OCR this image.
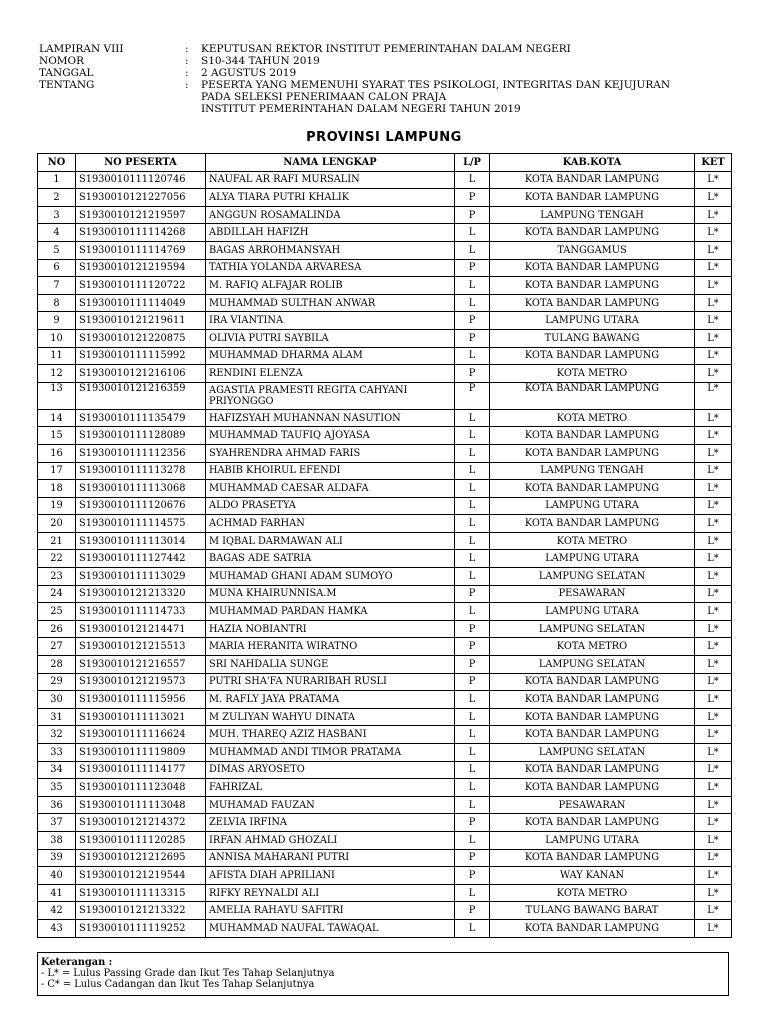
LAMPIRAN VIII	:	KEPUTUSAN REKTOR INSTITUT PEMERINTAHAN DALAM NEGERI
NOMOR	:	S10-344 TAHUN 2019
TANGGAL	:	2 AGUSTUS 2019
TENTANG	:	PESERTA YANG MEMENUHI SYARAT TES PSIKOLOGI, INTEGRITAS DAN KEJUJURAN
PADA SELEKSI PENERIMAAN CALON PRAJA
INSTITUT PEMERINTAHAN DALAM NEGERI TAHUN 2019
PROVINSI LAMPUNG
NO	NO PESERTA	NAMA LENGKAP	L/P	KAB.KOTA	KET
1	S1930010111120746	NAUFAL AR RAFI MURSALIN	L	KOTA BANDAR LAMPUNG	L*
2	S1930010121227056	ALYA TIARA PUTRI KHALIK	P	KOTA BANDAR LAMPUNG	L*
3	S1930010121219597	ANGGUN ROSAMALINDA	P	LAMPUNG TENGAH	L*
4	S1930010111114268	ABDILLAH HAFIZH	L	KOTA BANDAR LAMPUNG	L*
5	S1930010111114769	BAGAS ARROHMANSYAH	L	TANGGAMUS	L*
6	S1930010121219594	TATHIA YOLANDA ARVARESA	P	KOTA BANDAR LAMPUNG	L*
7	S1930010111120722	M. RAFIQ ALFAJAR ROLIB	L	KOTA BANDAR LAMPUNG	L*
8	S1930010111114049	MUHAMMAD SULTHAN ANWAR	L	KOTA BANDAR LAMPUNG	L*
9	S1930010121219611	IRA VIANTINA	P	LAMPUNG UTARA	L*
10	S1930010121220875	OLIVIA PUTRI SAYBILA	P	TULANG BAWANG	L*
11	S1930010111115992	MUHAMMAD DHARMA ALAM	L	KOTA BANDAR LAMPUNG	L*
12	S1930010121216106	RENDINI ELENZA	P	KOTA METRO	L*
13	S1930010121216359	AGASTIA PRAMESTI REGITA CAHYANI PRIYONGGO	P	KOTA BANDAR LAMPUNG	L*
14	S1930010111135479	HAFIZSYAH MUHANNAN NASUTION	L	KOTA METRO	L*
15	S1930010111128089	MUHAMMAD TAUFIQ AJOYASA	L	KOTA BANDAR LAMPUNG	L*
16	S1930010111112356	SYAHRENDRA AHMAD FARIS	L	KOTA BANDAR LAMPUNG	L*
17	S1930010111113278	HABIB KHOIRUL EFENDI	L	LAMPUNG TENGAH	L*
18	S1930010111113068	MUHAMMAD CAESAR ALDAFA	L	KOTA BANDAR LAMPUNG	L*
19	S1930010111120676	ALDO PRASETYA	L	LAMPUNG UTARA	L*
20	S1930010111114575	ACHMAD FARHAN	L	KOTA BANDAR LAMPUNG	L*
21	S1930010111113014	M IQBAL DARMAWAN ALI	L	KOTA METRO	L*
22	S1930010111127442	BAGAS ADE SATRIA	L	LAMPUNG UTARA	L*
23	S1930010111113029	MUHAMAD GHANI ADAM SUMOYO	L	LAMPUNG SELATAN	L*
24	S1930010121213320	MUNA KHAIRUNNISA.M	P	PESAWARAN	L*
25	S1930010111114733	MUHAMMAD PARDAN HAMKA	L	LAMPUNG UTARA	L*
26	S1930010121214471	HAZIA NOBIANTRI	P	LAMPUNG SELATAN	L*
27	S1930010121215513	MARIA HERANITA WIRATNO	P	KOTA METRO	L*
28	S1930010121216557	SRI NAHDALIA SUNGE	P	LAMPUNG SELATAN	L*
29	S1930010121219573	PUTRI SHA'FA NURARIBAH RUSLI	P	KOTA BANDAR LAMPUNG	L*
30	S1930010111115956	M. RAFLY JAYA PRATAMA	L	KOTA BANDAR LAMPUNG	L*
31	S1930010111113021	M ZULIYAN WAHYU DINATA	L	KOTA BANDAR LAMPUNG	L*
32	S1930010111116624	MUH. THAREQ AZIZ HASBANI	L	KOTA BANDAR LAMPUNG	L*
33	S1930010111119809	MUHAMMAD ANDI TIMOR PRATAMA	L	LAMPUNG SELATAN	L*
34	S1930010111114177	DIMAS ARYOSETO	L	KOTA BANDAR LAMPUNG	L*
35	S1930010111123048	FAHRIZAL	L	KOTA BANDAR LAMPUNG	L*
36	S1930010111113048	MUHAMAD FAUZAN	L	PESAWARAN	L*
37	S1930010121214372	ZELVIA IRFINA	P	KOTA BANDAR LAMPUNG	L*
38	S1930010111120285	IRFAN AHMAD GHOZALI	L	LAMPUNG UTARA	L*
39	S1930010121212695	ANNISA MAHARANI PUTRI	P	KOTA BANDAR LAMPUNG	L*
40	S1930010121219544	AFISTA DIAH APRILIANI	P	WAY KANAN	L*
41	S1930010111113315	RIFKY REYNALDI ALI	L	KOTA METRO	L*
42	S1930010121213322	AMELIA RAHAYU SAFITRI	P	TULANG BAWANG BARAT	L*
43	S1930010111119252	MUHAMMAD NAUFAL TAWAQAL	L	KOTA BANDAR LAMPUNG	L*
Keterangan :
- L* = Lulus Passing Grade dan Ikut Tes Tahap Selanjutnya
- C* = Lulus Cadangan dan Ikut Tes Tahap Selanjutnya
